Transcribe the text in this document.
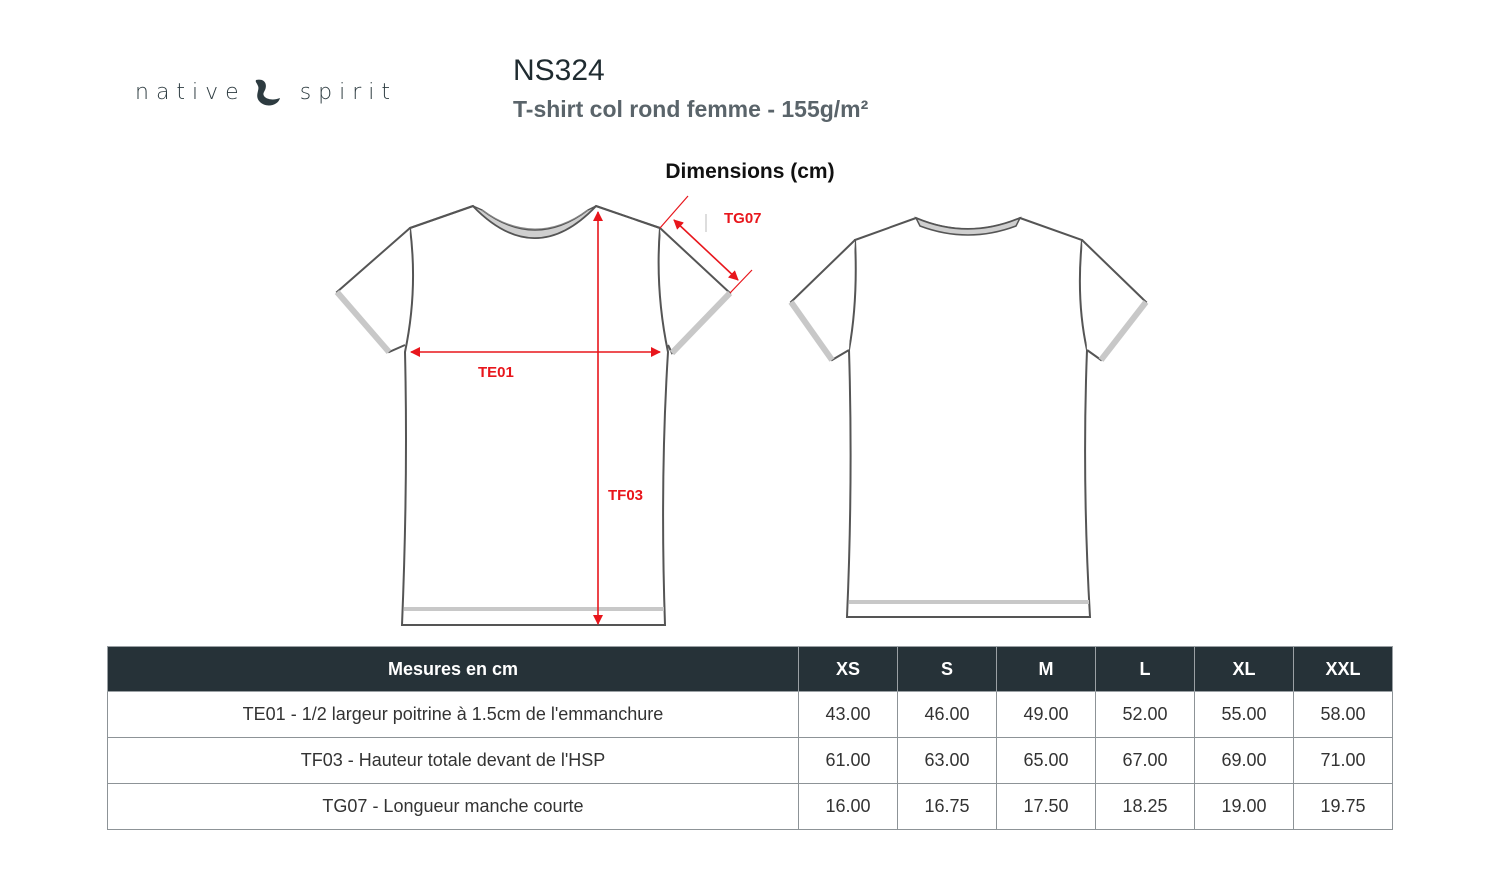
native spirit
NS324
T-shirt col rond femme - 155g/m²
Dimensions (cm)
TE01
TF03
TG07
Mesures en cm	XS	S	M	L	XL	XXL
TE01 - 1/2 largeur poitrine à 1.5cm de l'emmanchure	43.00	46.00	49.00	52.00	55.00	58.00
TF03 - Hauteur totale devant de l'HSP	61.00	63.00	65.00	67.00	69.00	71.00
TG07 - Longueur manche courte	16.00	16.75	17.50	18.25	19.00	19.75
